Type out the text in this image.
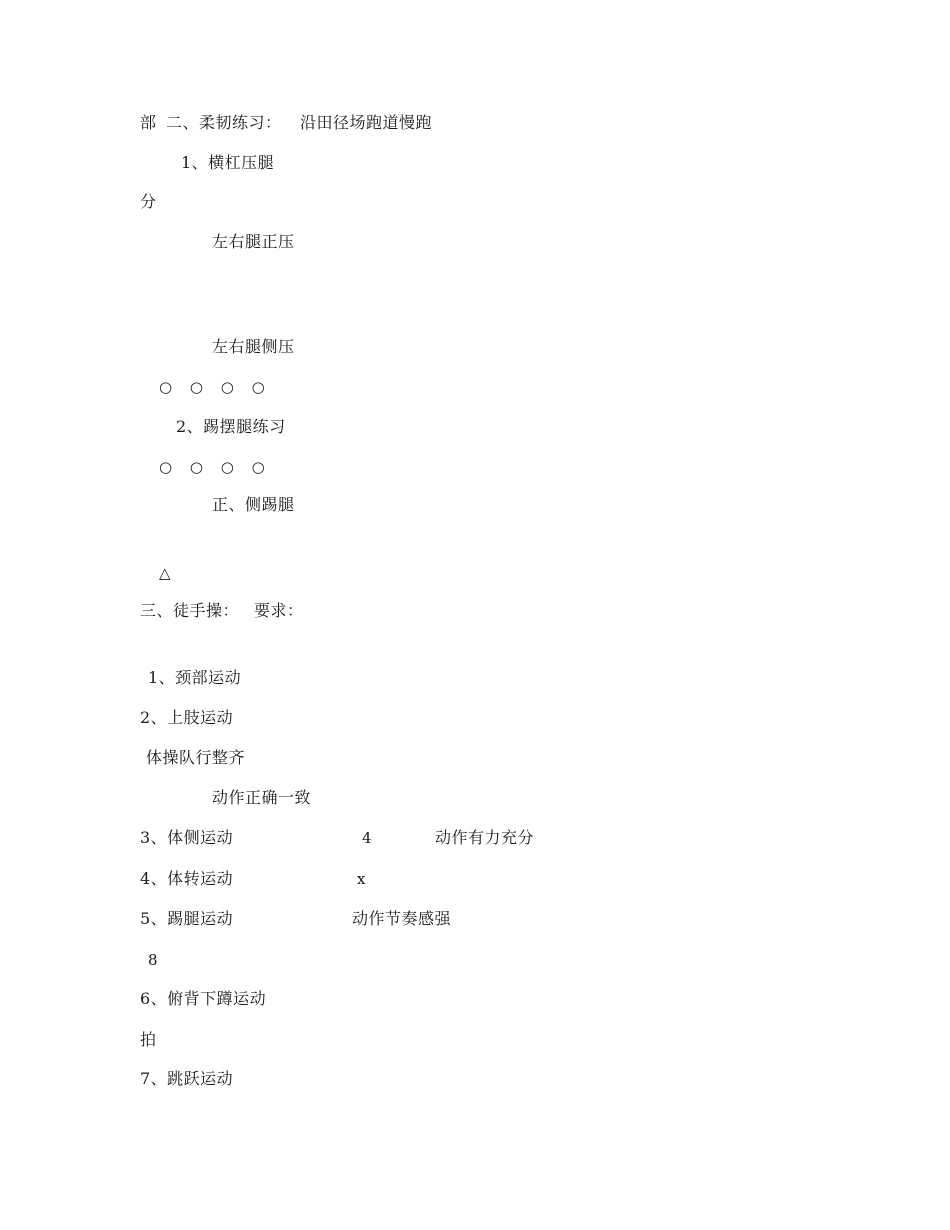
部 二、柔韧练习： 沿田径场跑道慢跑
1、横杠压腿
分
左右腿正压
左右腿侧压
○ ○ ○ ○
2、踢摆腿练习
○ ○ ○ ○
正、侧踢腿
△
三、徒手操： 要求：
1、颈部运动
2、上肢运动
体操队行整齐
动作正确一致
3、体侧运动	4	动作有力充分
4、体转运动	x
5、踢腿运动	动作节奏感强
8
6、俯背下蹲运动
拍
7、跳跃运动
